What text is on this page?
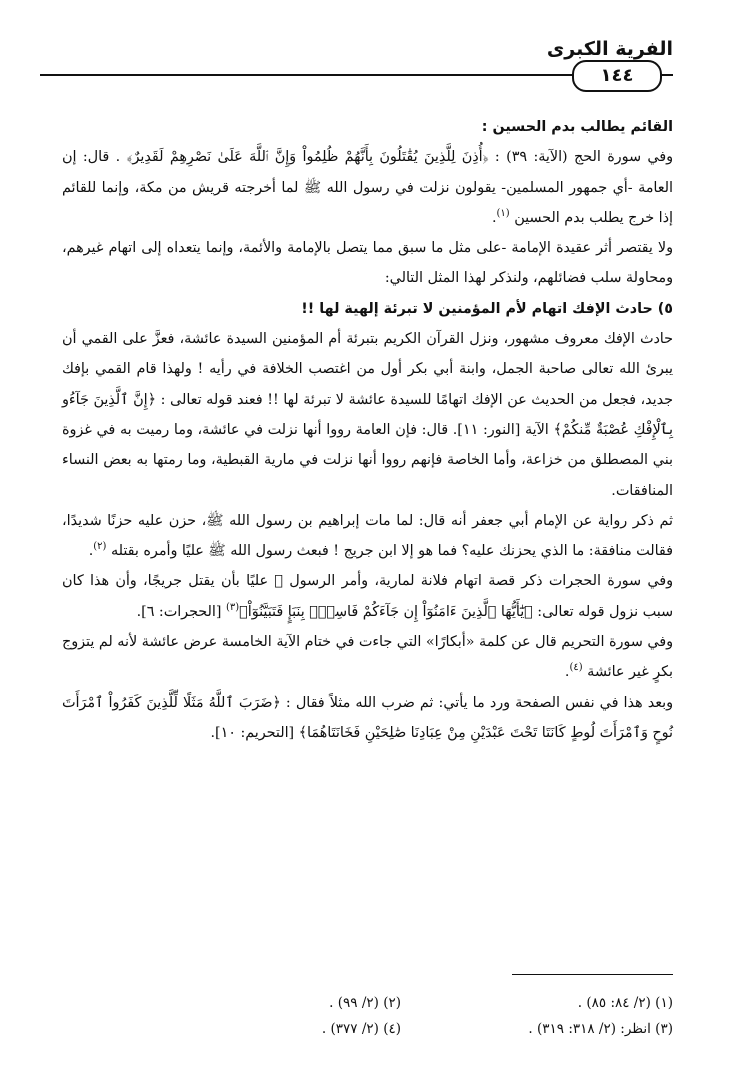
الفرية الكبرى
١٤٤

القائم يطالب بدم الحسين :

وفي سورة الحج (الآية: ٣٩) : ﴿أُذِنَ لِلَّذِينَ يُقَٰتَلُونَ بِأَنَّهُمْ ظُلِمُواْ وَإِنَّ ٱللَّهَ عَلَىٰ نَصْرِهِمْ لَقَدِيرٌ﴾ . قال: إن العامة -أي جمهور المسلمين- يقولون نزلت في رسول الله ﷺ لما أخرجته قريش من مكة، وإنما للقائم إذا خرج يطلب بدم الحسين $^{(١)}$.

ولا يقتصر أثر عقيدة الإمامة -على مثل ما سبق مما يتصل بالإمامة والأئمة، وإنما يتعداه إلى اتهام غيرهم، ومحاولة سلب فضائلهم، ولنذكر لهذا المثل التالي:

٥) حادث الإفك اتهام لأم المؤمنين لا تبرئة إلهية لها !!

حادث الإفك معروف مشهور، ونزل القرآن الكريم بتبرئة أم المؤمنين السيدة عائشة، فعزَّ على القمي أن يبرئ الله تعالى صاحبة الجمل، وابنة أبي بكر أول من اغتصب الخلافة في رأيه ! ولهذا قام القمي بإفك جديد، فجعل من الحديث عن الإفك اتهامًا للسيدة عائشة لا تبرئة لها !! فعند قوله تعالى : ﴿إِنَّ ٱلَّذِينَ جَآءُو بِٱلْإِفْكِ عُصْبَةٌ مِّنكُمْ﴾ الآية [النور: ١١]. قال: فإن العامة رووا أنها نزلت في عائشة، وما رميت به في غزوة بني المصطلق من خزاعة، وأما الخاصة فإنهم رووا أنها نزلت في مارية القبطية، وما رمتها به بعض النساء المنافقات.

ثم ذكر رواية عن الإمام أبي جعفر أنه قال: لما مات إبراهيم بن رسول الله ﷺ، حزن عليه حزنًا شديدًا، فقالت منافقة: ما الذي يحزنك عليه؟ فما هو إلا ابن جريج ! فبعث رسول الله ﷺ عليًا وأمره بقتله $^{(٢)}$.

وفي سورة الحجرات ذكر قصة اتهام فلانة لمارية، وأمر الرسول ﷺ عليًا بأن يقتل جريجًا، وأن هذا كان سبب نزول قوله تعالى: ﴿يَٰٓأَيُّهَا ٱلَّذِينَ ءَامَنُوٓاْ إِن جَآءَكُمْ فَاسِقٌۢ بِنَبَإٍ فَتَبَيَّنُوٓاْ﴾$^{(٣)}$ [الحجرات: ٦].

وفي سورة التحريم قال عن كلمة «أبكارًا» التي جاءت في ختام الآية الخامسة عرض عائشة لأنه لم يتزوج بكرٍ غير عائشة $^{(٤)}$.

وبعد هذا في نفس الصفحة ورد ما يأتي: ثم ضرب الله مثلاً فقال : ﴿ضَرَبَ ٱللَّهُ مَثَلًا لِّلَّذِينَ كَفَرُواْ ٱمْرَأَتَ نُوحٍ وَٱمْرَأَتَ لُوطٍ كَانَتَا تَحْتَ عَبْدَيْنِ مِنْ عِبَادِنَا صَٰلِحَيْنِ فَخَانَتَاهُمَا﴾ [التحريم: ١٠].

(١) (٢/ ٨٤: ٨٥) .
(٢) (٢/ ٩٩) .
(٣) انظر: (٢/ ٣١٨: ٣١٩) .
(٤) (٢/ ٣٧٧) .
